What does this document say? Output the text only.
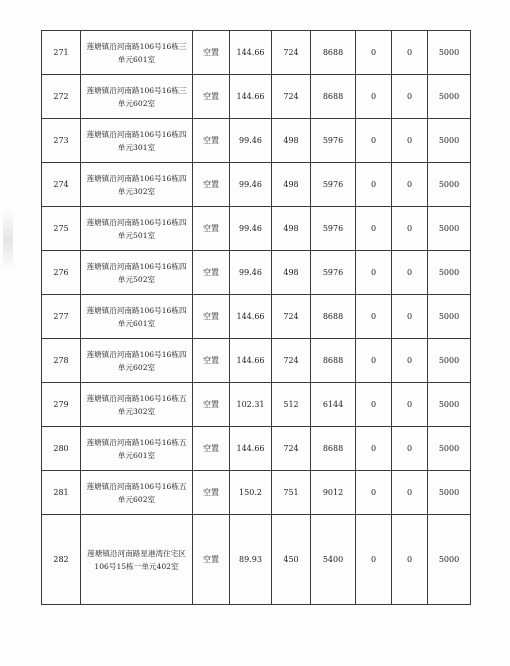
271	莲塘镇沿河南路106号16栋三单元601室	空置	144.66	724	8688	0	0	5000
272	莲塘镇沿河南路106号16栋三单元602室	空置	144.66	724	8688	0	0	5000
273	莲塘镇沿河南路106号16栋四单元301室	空置	99.46	498	5976	0	0	5000
274	莲塘镇沿河南路106号16栋四单元302室	空置	99.46	498	5976	0	0	5000
275	莲塘镇沿河南路106号16栋四单元501室	空置	99.46	498	5976	0	0	5000
276	莲塘镇沿河南路106号16栋四单元502室	空置	99.46	498	5976	0	0	5000
277	莲塘镇沿河南路106号16栋四单元601室	空置	144.66	724	8688	0	0	5000
278	莲塘镇沿河南路106号16栋四单元602室	空置	144.66	724	8688	0	0	5000
279	莲塘镇沿河南路106号16栋五单元302室	空置	102.31	512	6144	0	0	5000
280	莲塘镇沿河南路106号16栋五单元601室	空置	144.66	724	8688	0	0	5000
281	莲塘镇沿河南路106号16栋五单元602室	空置	150.2	751	9012	0	0	5000
282	莲塘镇沿河南路星港湾住宅区106号15栋一单元402室	空置	89.93	450	5400	0	0	5000
